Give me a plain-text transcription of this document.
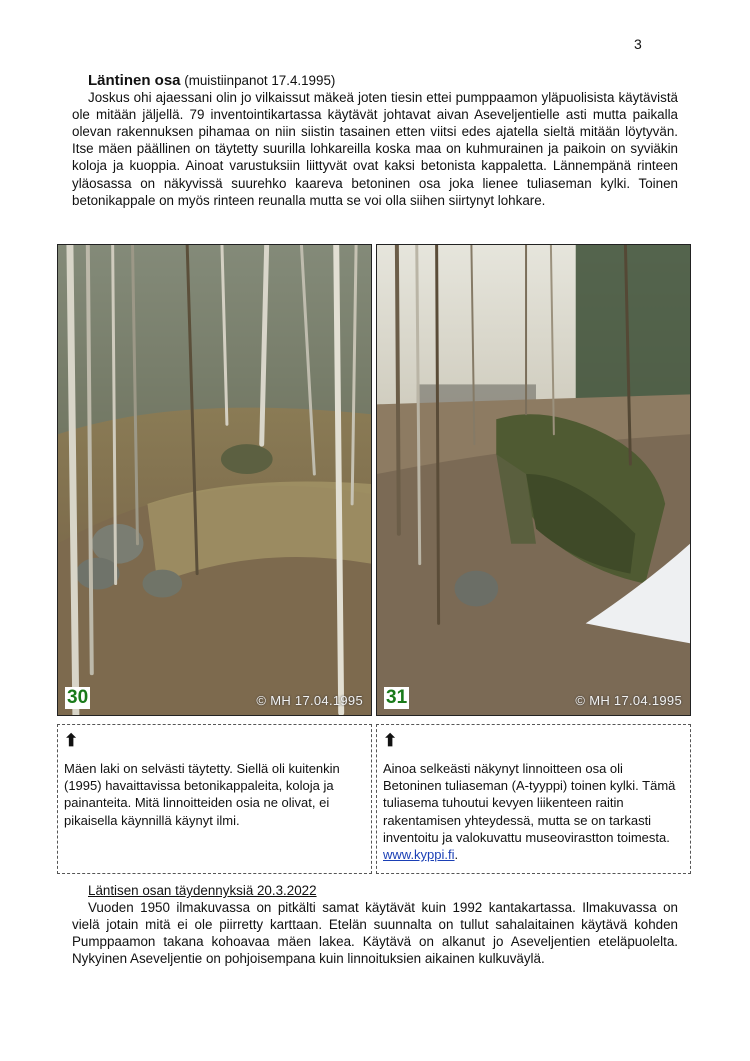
3

Läntinen osa (muistiinpanot 17.4.1995)

Joskus ohi ajaessani olin jo vilkaissut mäkeä joten tiesin ettei pumppaamon yläpuolisista käytävistä ole mitään jäljellä. 79 inventointikartassa käytävät johtavat aivan Aseveljentielle asti mutta paikalla olevan rakennuksen pihamaa on niin siistin tasainen etten viitsi edes ajatella sieltä mitään löytyvän. Itse mäen päällinen on täytetty suurilla lohkareilla koska maa on kuhmurainen ja paikoin on syviäkin koloja ja kuoppia. Ainoat varustuksiin liittyvät ovat kaksi betonista kappaletta. Lännempänä rinteen yläosassa on näkyvissä suurehko kaareva betoninen osa joka lienee tuliaseman kylki. Toinen betonikappale on myös rinteen reunalla mutta se voi olla siihen siirtynyt lohkare.

30	© MH 17.04.1995 31	© MH 17.04.1995
⬆
Mäen laki on selvästi täytetty. Siellä oli kuitenkin (1995) havaittavissa betonikappaleita, koloja ja painanteita. Mitä linnoitteiden osia ne olivat, ei pikaisella käynnillä käynyt ilmi.
⬆
Ainoa selkeästi näkynyt linnoitteen osa oli Betoninen tuliaseman (A-tyyppi) toinen kylki. Tämä tuliasema tuhoutui kevyen liikenteen raitin rakentamisen yhteydessä, mutta se on tarkasti inventoitu ja valokuvattu museovirastton toimesta. www.kyppi.fi.

Läntisen osan täydennyksiä 20.3.2022

Vuoden 1950 ilmakuvassa on pitkälti samat käytävät kuin 1992 kantakartassa. Ilmakuvassa on vielä jotain mitä ei ole piirretty karttaan. Etelän suunnalta on tullut sahalaitainen käytävä kohden Pumppaamon takana kohoavaa mäen lakea. Käytävä on alkanut jo Aseveljentien eteläpuolelta. Nykyinen Aseveljentie on pohjoisempana kuin linnoituksien aikainen kulkuväylä.
